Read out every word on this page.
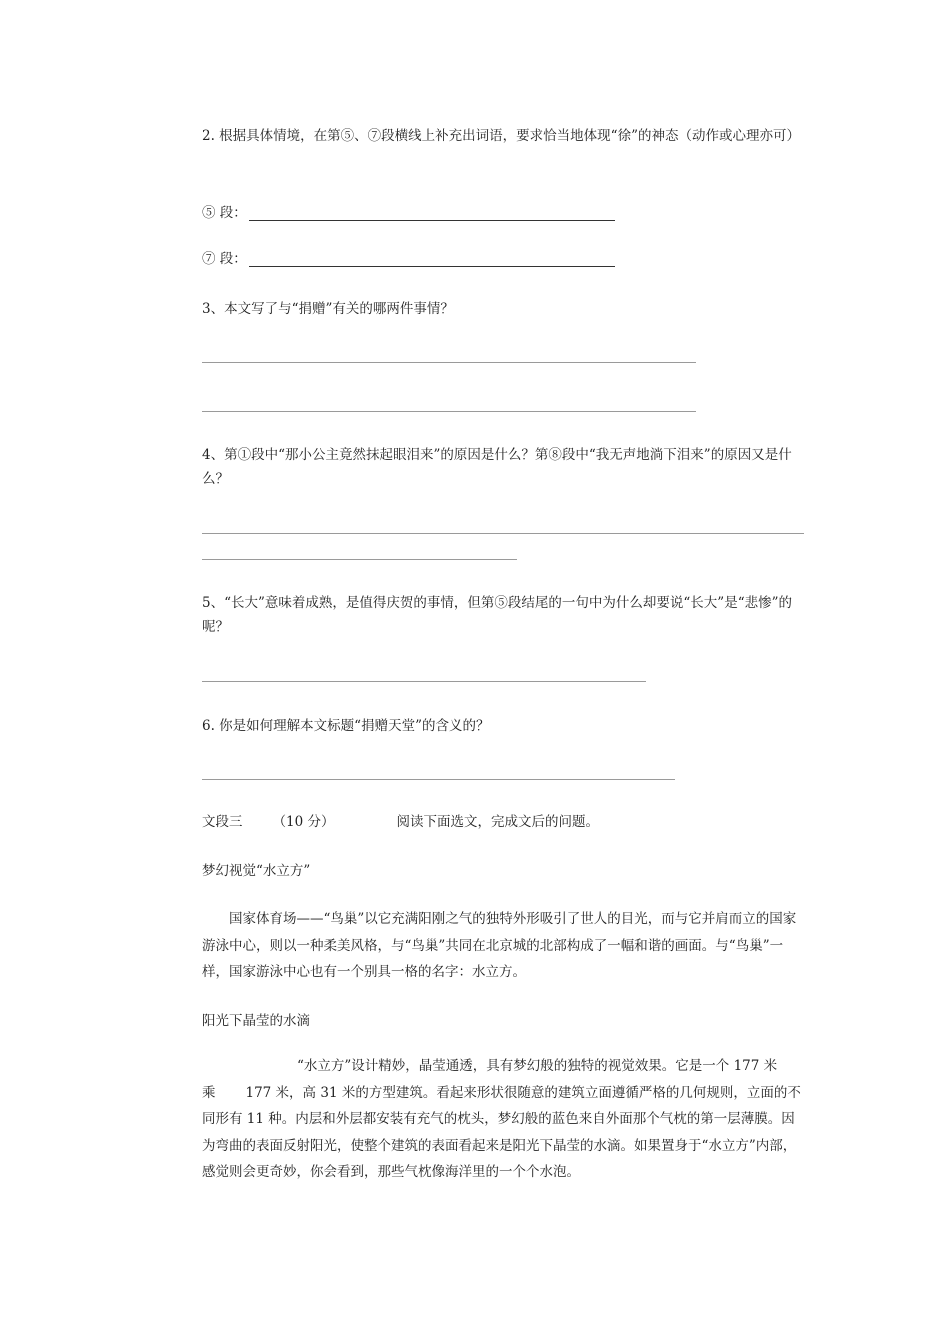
2. 根据具体情境，在第⑤、⑦段横线上补充出词语，要求恰当地体现“徐”的神态（动作或心理亦可）
⑤ 段：
⑦ 段：
3、本文写了与“捐赠”有关的哪两件事情？
4、第①段中“那小公主竟然抹起眼泪来”的原因是什么？第⑧段中“我无声地淌下泪来”的原因又是什么？
5、“长大”意味着成熟，是值得庆贺的事情，但第⑤段结尾的一句中为什么却要说“长大”是“悲惨”的呢？
6. 你是如何理解本文标题“捐赠天堂”的含义的？
文段三 （10 分）	阅读下面选文，完成文后的问题。
梦幻视觉“水立方”
国家体育场——“鸟巢”以它充满阳刚之气的独特外形吸引了世人的目光，而与它并肩而立的国家游泳中心，则以一种柔美风格，与“鸟巢”共同在北京城的北部构成了一幅和谐的画面。与“鸟巢”一样，国家游泳中心也有一个别具一格的名字：水立方。
阳光下晶莹的水滴
“水立方”设计精妙，晶莹通透，具有梦幻般的独特的视觉效果。它是一个 177 米
乘 177 米，高 31 米的方型建筑。看起来形状很随意的建筑立面遵循严格的几何规则，立面的不同形有 11 种。内层和外层都安装有充气的枕头，梦幻般的蓝色来自外面那个气枕的第一层薄膜。因为弯曲的表面反射阳光，使整个建筑的表面看起来是阳光下晶莹的水滴。如果置身于“水立方”内部，感觉则会更奇妙，你会看到，那些气枕像海洋里的一个个水泡。
